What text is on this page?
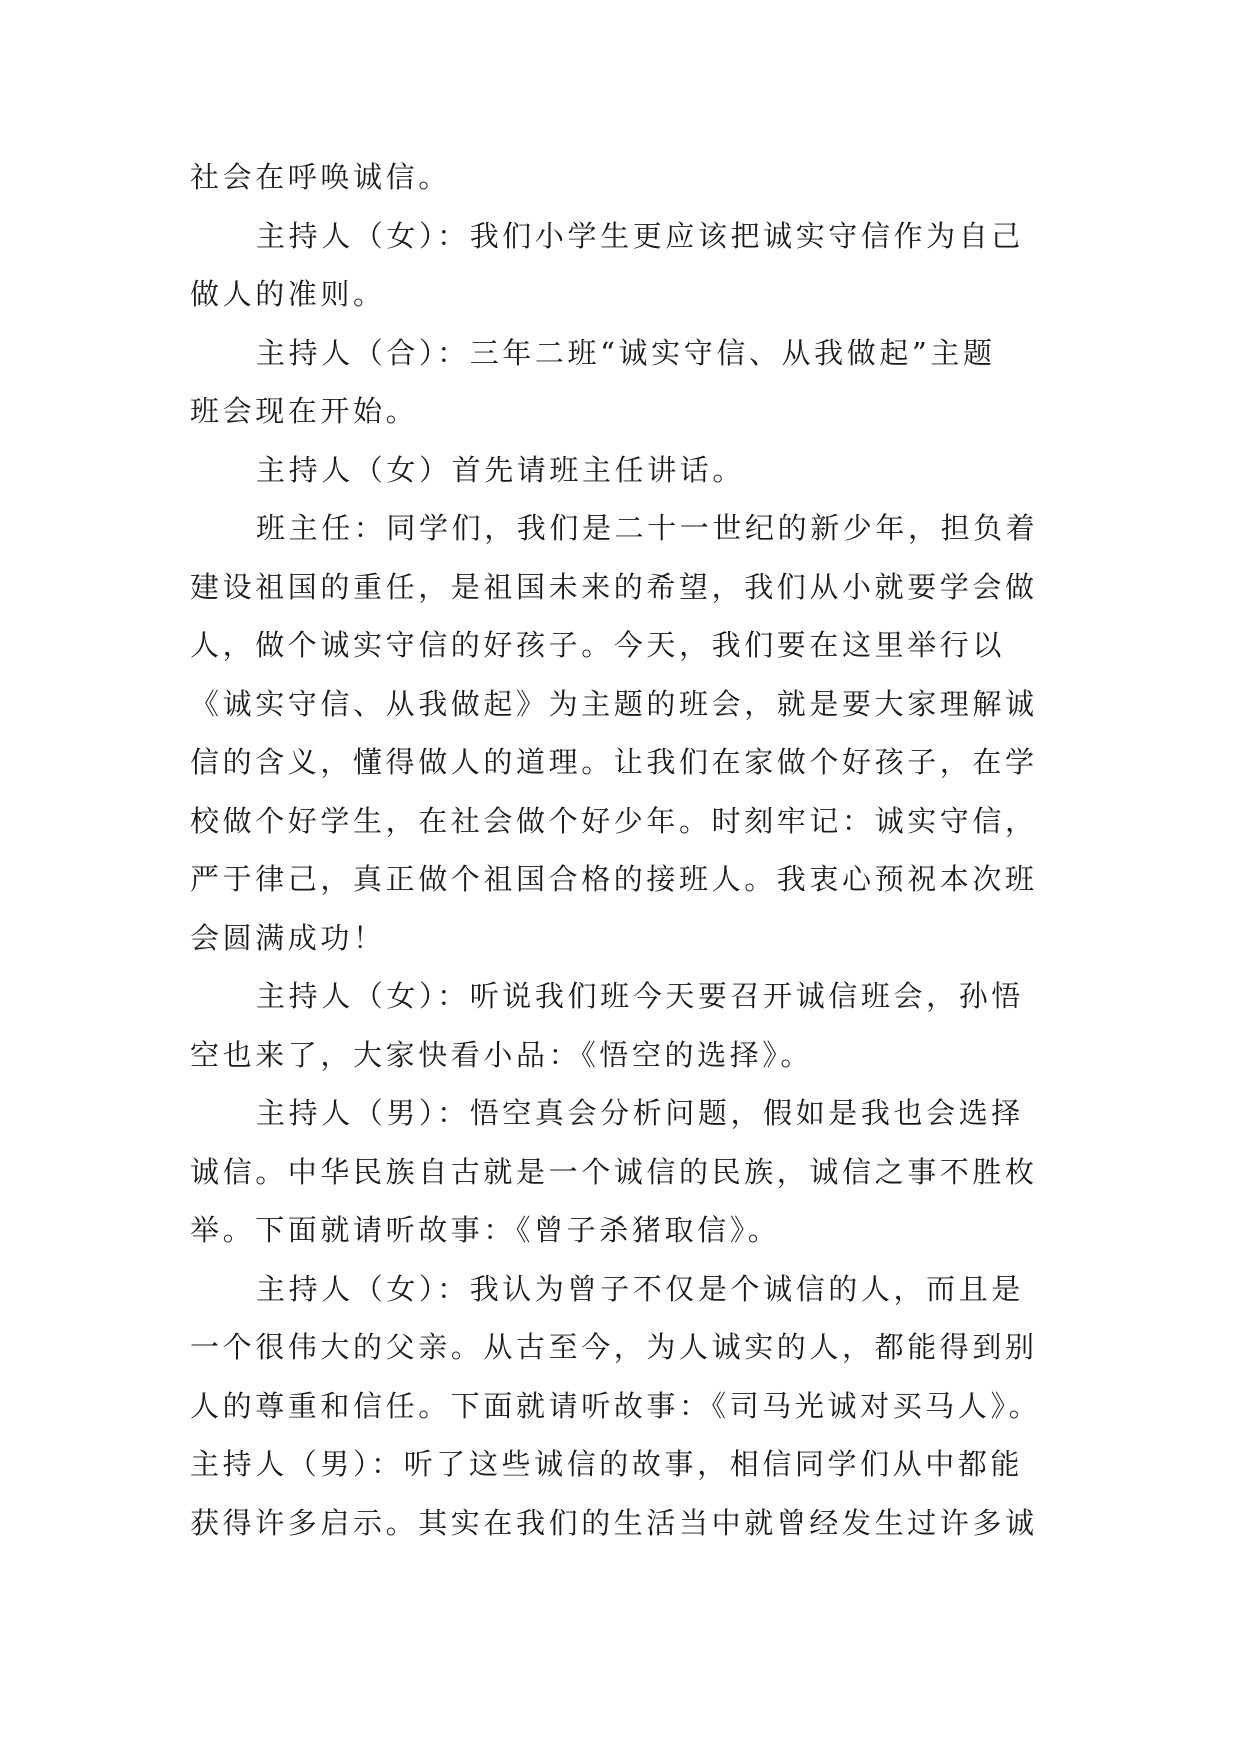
社会在呼唤诚信。

主持人（女）：我们小学生更应该把诚实守信作为自己

做人的准则。

主持人（合）：三年二班“诚实守信、从我做起”主题

班会现在开始。

主持人（女）首先请班主任讲话。

班主任：同学们，我们是二十一世纪的新少年，担负着

建设祖国的重任，是祖国未来的希望，我们从小就要学会做

人，做个诚实守信的好孩子。今天，我们要在这里举行以

《诚实守信、从我做起》为主题的班会，就是要大家理解诚

信的含义，懂得做人的道理。让我们在家做个好孩子，在学

校做个好学生，在社会做个好少年。时刻牢记：诚实守信，

严于律己，真正做个祖国合格的接班人。我衷心预祝本次班

会圆满成功！

主持人（女）：听说我们班今天要召开诚信班会，孙悟

空也来了，大家快看小品：《悟空的选择》。

主持人（男）：悟空真会分析问题，假如是我也会选择

诚信。中华民族自古就是一个诚信的民族，诚信之事不胜枚

举。下面就请听故事：《曾子杀猪取信》。

主持人（女）：我认为曾子不仅是个诚信的人，而且是

一个很伟大的父亲。从古至今，为人诚实的人，都能得到别

人的尊重和信任。下面就请听故事：《司马光诚对买马人》。

主持人（男）：听了这些诚信的故事，相信同学们从中都能

获得许多启示。其实在我们的生活当中就曾经发生过许多诚
